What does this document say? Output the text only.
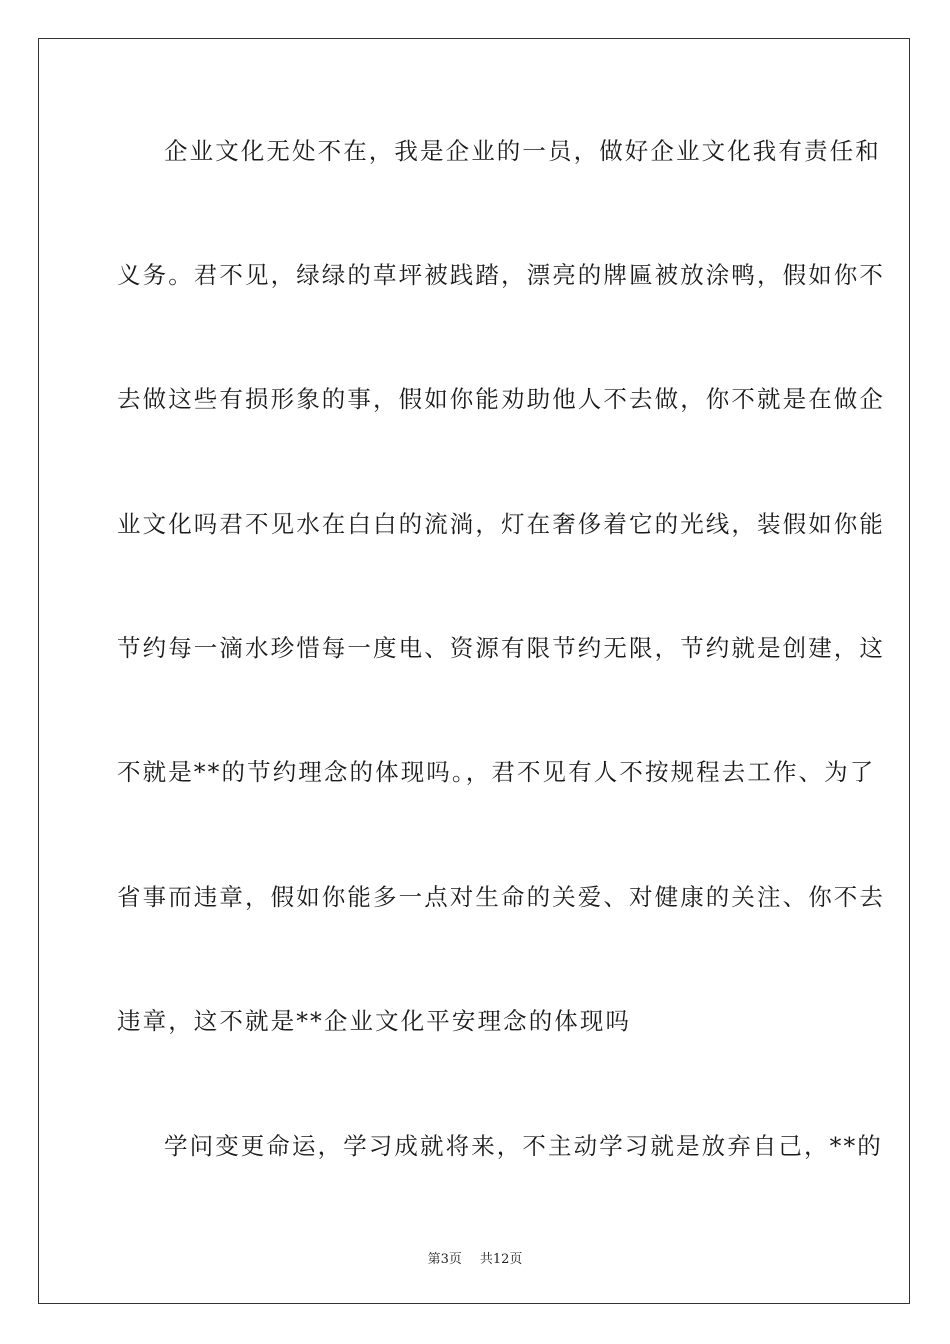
企业文化无处不在，我是企业的一员，做好企业文化我有责任和
义务。君不见，绿绿的草坪被践踏，漂亮的牌匾被放涂鸭，假如你不
去做这些有损形象的事，假如你能劝助他人不去做，你不就是在做企
业文化吗君不见水在白白的流淌，灯在奢侈着它的光线，装假如你能
节约每一滴水珍惜每一度电、资源有限节约无限，节约就是创建，这
不就是**的节约理念的体现吗。，君不见有人不按规程去工作、为了
省事而违章，假如你能多一点对生命的关爱、对健康的关注、你不去
违章，这不就是**企业文化平安理念的体现吗
学问变更命运，学习成就将来，不主动学习就是放弃自己，**的
第3页 共12页
